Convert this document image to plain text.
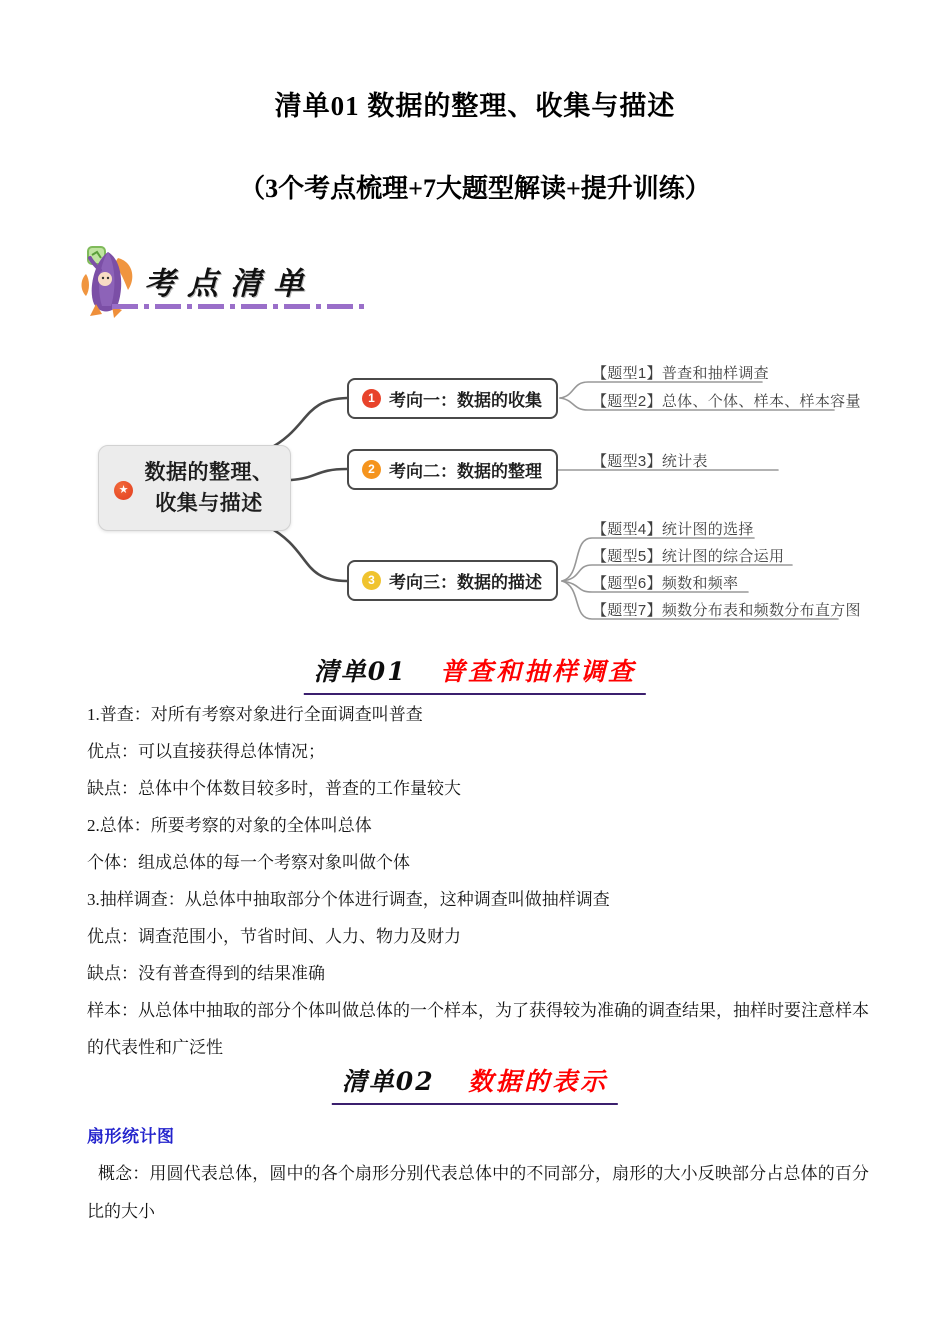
清单01 数据的整理、收集与描述
（3个考点梳理+7大题型解读+提升训练）
考点清单
★
数据的整理、
收集与描述
1 考向一：数据的收集
2 考向二：数据的整理
3 考向三：数据的描述
【题型1】普查和抽样调查
【题型2】总体、个体、样本、样本容量
【题型3】统计表
【题型4】统计图的选择
【题型5】统计图的综合运用
【题型6】频数和频率
【题型7】频数分布表和频数分布直方图
清单01 普查和抽样调查

1.普查：对所有考察对象进行全面调查叫普查

优点：可以直接获得总体情况；

缺点：总体中个体数目较多时，普查的工作量较大

2.总体：所要考察的对象的全体叫总体

个体：组成总体的每一个考察对象叫做个体

3.抽样调查：从总体中抽取部分个体进行调查，这种调查叫做抽样调查

优点：调查范围小，节省时间、人力、物力及财力

缺点：没有普查得到的结果准确

样本：从总体中抽取的部分个体叫做总体的一个样本，为了获得较为准确的调查结果，抽样时要注意样本的代表性和广泛性

清单02 数据的表示
扇形统计图

概念：用圆代表总体，圆中的各个扇形分别代表总体中的不同部分，扇形的大小反映部分占总体的百分比的大小
